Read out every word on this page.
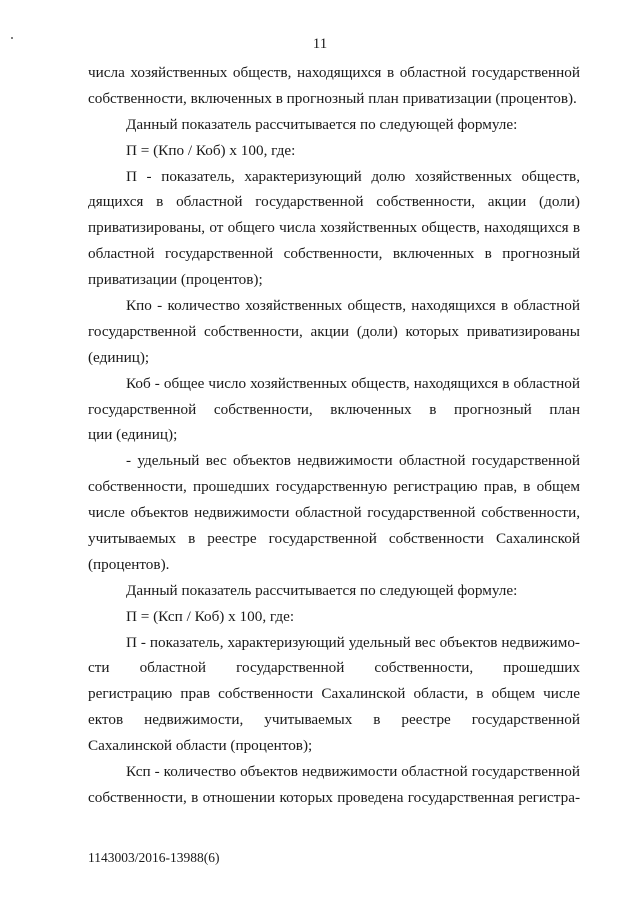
11
числа хозяйственных обществ, находящихся в областной государственной
собственности, включенных в прогнозный план приватизации (процентов).
Данный показатель рассчитывается по следующей формуле:
П = (Кпо / Коб) х 100, где:
П - показатель, характеризующий долю хозяйственных обществ,
дящихся в областной государственной собственности, акции (доли)
приватизированы, от общего числа хозяйственных обществ, находящихся в
областной государственной собственности, включенных в прогнозный
приватизации (процентов);
Кпо - количество хозяйственных обществ, находящихся в областной
государственной собственности, акции (доли) которых приватизированы
(единиц);
Коб - общее число хозяйственных обществ, находящихся в областной
государственной собственности, включенных в прогнозный план
ции (единиц);
- удельный вес объектов недвижимости областной государственной
собственности, прошедших государственную регистрацию прав, в общем
числе объектов недвижимости областной государственной собственности,
учитываемых в реестре государственной собственности Сахалинской
(процентов).
Данный показатель рассчитывается по следующей формуле:
П = (Ксп / Коб) х 100, где:
П - показатель, характеризующий удельный вес объектов недвижимо-
сти областной государственной собственности, прошедших
регистрацию прав собственности Сахалинской области, в общем числе
ектов недвижимости, учитываемых в реестре государственной
Сахалинской области (процентов);
Ксп - количество объектов недвижимости областной государственной
собственности, в отношении которых проведена государственная регистра-
1143003/2016-13988(6)
